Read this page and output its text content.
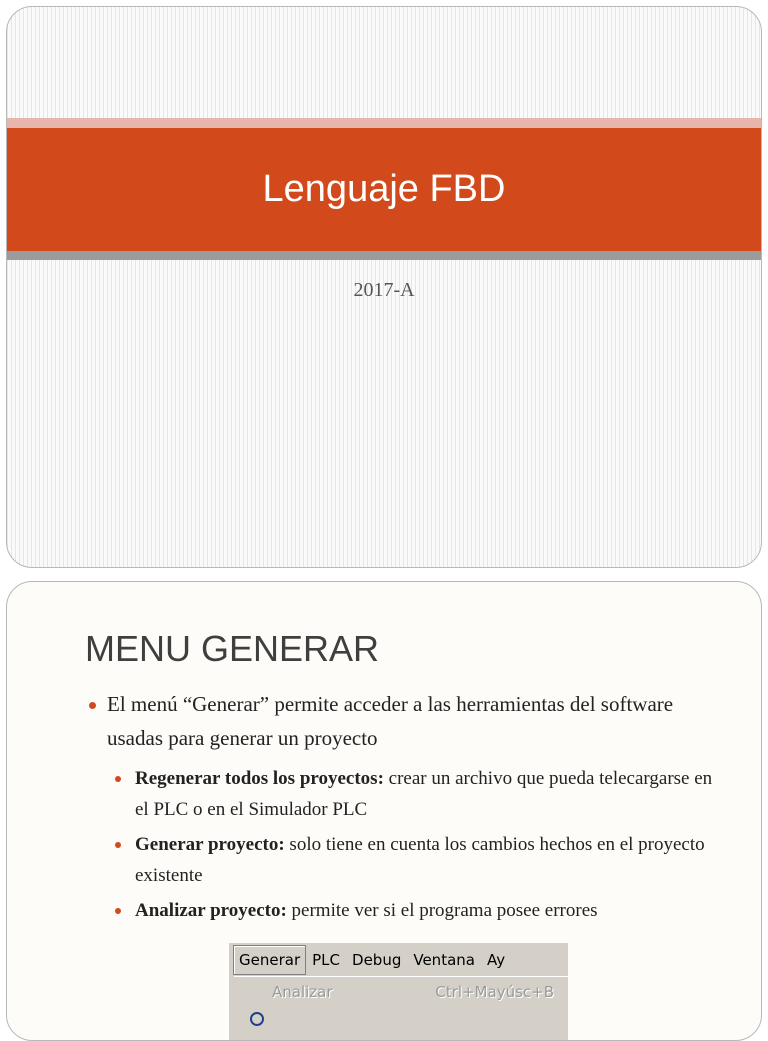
Lenguaje FBD
2017-A
MENU GENERAR
El menú “Generar” permite acceder a las herramientas del software usadas para generar un proyecto
Regenerar todos los proyectos: crear un archivo que pueda telecargarse en el PLC o en el Simulador PLC
Generar proyecto: solo tiene en cuenta los cambios hechos en el proyecto existente
Analizar proyecto: permite ver si el programa posee errores
Generar PLC Debug Ventana Ay
Analizar	Ctrl+Mayúsc+B
